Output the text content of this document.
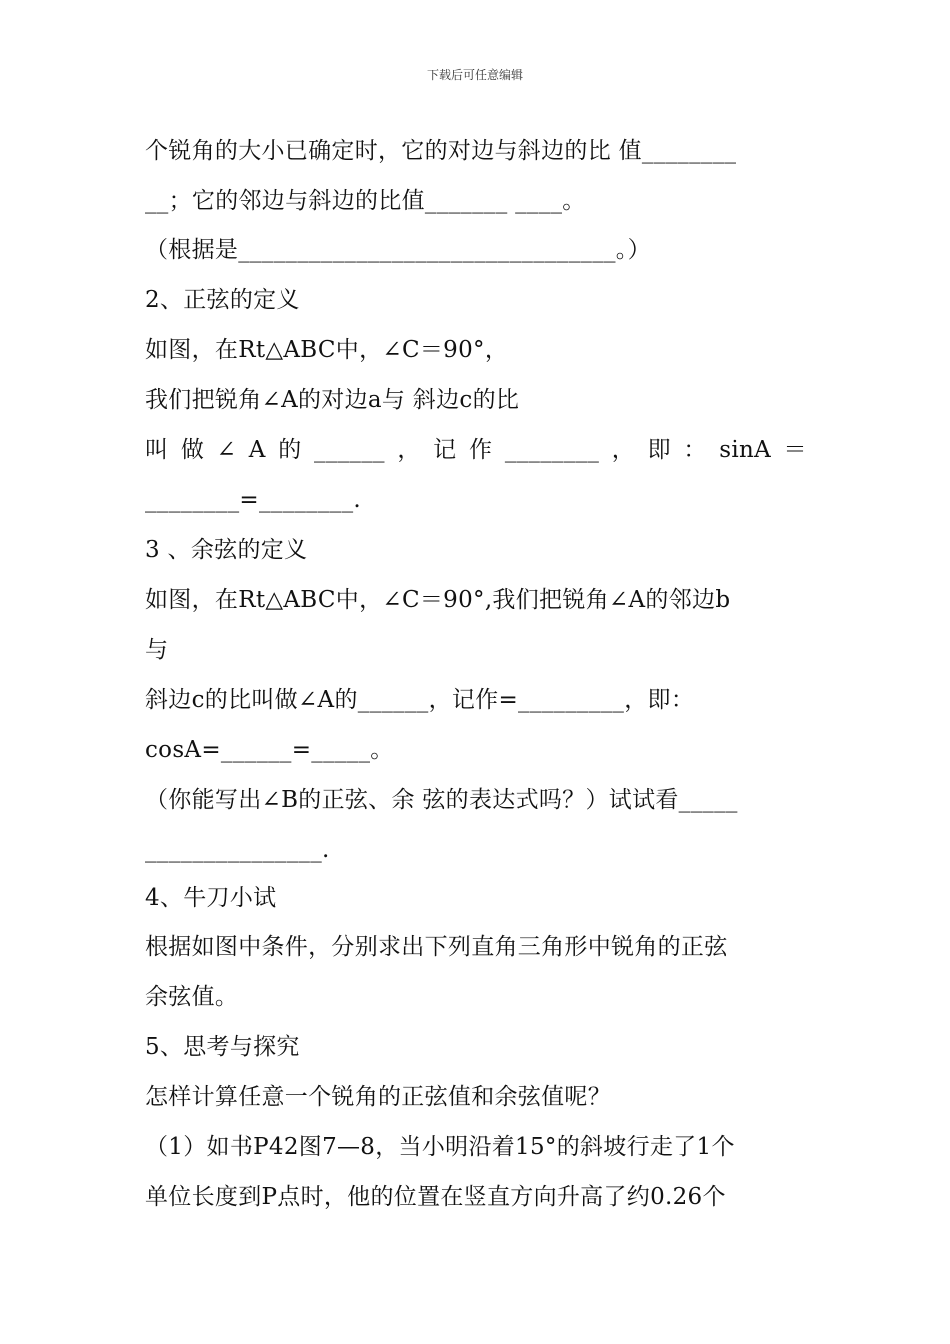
下载后可任意编辑
个锐角的大小已确定时，它的对边与斜边的比 值________
__；它的邻边与斜边的比值_______ ____。
（根据是________________________________。）
2、正弦的定义
如图，在Rt△ABC中，∠C＝90°，
我们把锐角∠A的对边a与 斜边c的比
叫 做 ∠ A 的 ______ ， 记 作 ________ ， 即 ： sinA ＝
________=________.
3 、余弦的定义
如图，在Rt△ABC中，∠C＝90°,我们把锐角∠A的邻边b
与
斜边c的比叫做∠A的______，记作=_________，即：
cosA=______=_____。
（你能写出∠B的正弦、余 弦的表达式吗？）试试看_____
_______________.
4、牛刀小试
根据如图中条件，分别求出下列直角三角形中锐角的正弦
余弦值。
5、思考与探究
怎样计算任意一个锐角的正弦值和余弦值呢？
（1）如书P42图7—8，当小明沿着15°的斜坡行走了1个
单位长度到P点时，他的位置在竖直方向升高了约0.26个
